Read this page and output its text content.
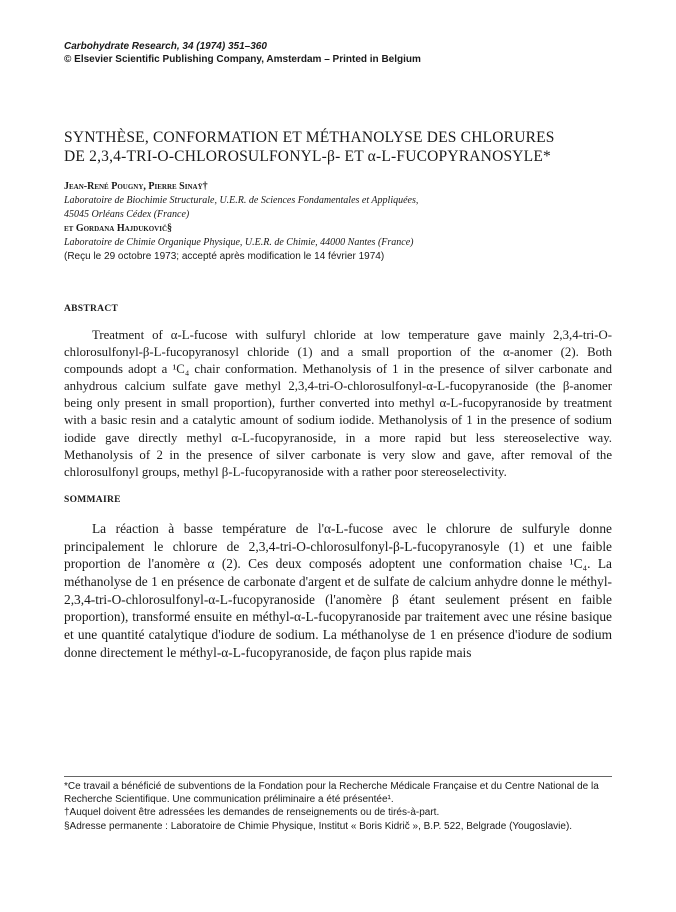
Carbohydrate Research, 34 (1974) 351–360
© Elsevier Scientific Publishing Company, Amsterdam – Printed in Belgium
SYNTHÈSE, CONFORMATION ET MÉTHANOLYSE DES CHLORURES
DE 2,3,4-TRI-O-CHLOROSULFONYL-β- ET α-L-FUCOPYRANOSYLE*
Jean-René Pougny, Pierre Sinaÿ†
Laboratoire de Biochimie Structurale, U.E.R. de Sciences Fondamentales et Appliquées,
45045 Orléans Cédex (France)
et Gordana Hajdukovič§
Laboratoire de Chimie Organique Physique, U.E.R. de Chimie, 44000 Nantes (France)
(Reçu le 29 octobre 1973; accepté après modification le 14 février 1974)
ABSTRACT

Treatment of α-L-fucose with sulfuryl chloride at low temperature gave mainly 2,3,4-tri-O-chlorosulfonyl-β-L-fucopyranosyl chloride (1) and a small proportion of the α-anomer (2). Both compounds adopt a ¹C₄ chair conformation. Methanolysis of 1 in the presence of silver carbonate and anhydrous calcium sulfate gave methyl 2,3,4-tri-O-chlorosulfonyl-α-L-fucopyranoside (the β-anomer being only present in small proportion), further converted into methyl α-L-fucopyranoside by treatment with a basic resin and a catalytic amount of sodium iodide. Methanolysis of 1 in the presence of sodium iodide gave directly methyl α-L-fucopyranoside, in a more rapid but less stereoselective way. Methanolysis of 2 in the presence of silver carbonate is very slow and gave, after removal of the chlorosulfonyl groups, methyl β-L-fucopyranoside with a rather poor stereoselectivity.

SOMMAIRE

La réaction à basse température de l'α-L-fucose avec le chlorure de sulfuryle donne principalement le chlorure de 2,3,4-tri-O-chlorosulfonyl-β-L-fucopyranosyle (1) et une faible proportion de l'anomère α (2). Ces deux composés adoptent une conformation chaise ¹C₄. La méthanolyse de 1 en présence de carbonate d'argent et de sulfate de calcium anhydre donne le méthyl-2,3,4-tri-O-chlorosulfonyl-α-L-fucopyranoside (l'anomère β étant seulement présent en faible proportion), transformé ensuite en méthyl-α-L-fucopyranoside par traitement avec une résine basique et une quantité catalytique d'iodure de sodium. La méthanolyse de 1 en présence d'iodure de sodium donne directement le méthyl-α-L-fucopyranoside, de façon plus rapide mais

*Ce travail a bénéficié de subventions de la Fondation pour la Recherche Médicale Française et du Centre National de la Recherche Scientifique. Une communication préliminaire a été présentée¹.

†Auquel doivent être adressées les demandes de renseignements ou de tirés-à-part.

§Adresse permanente : Laboratoire de Chimie Physique, Institut « Boris Kidrič », B.P. 522, Belgrade (Yougoslavie).
